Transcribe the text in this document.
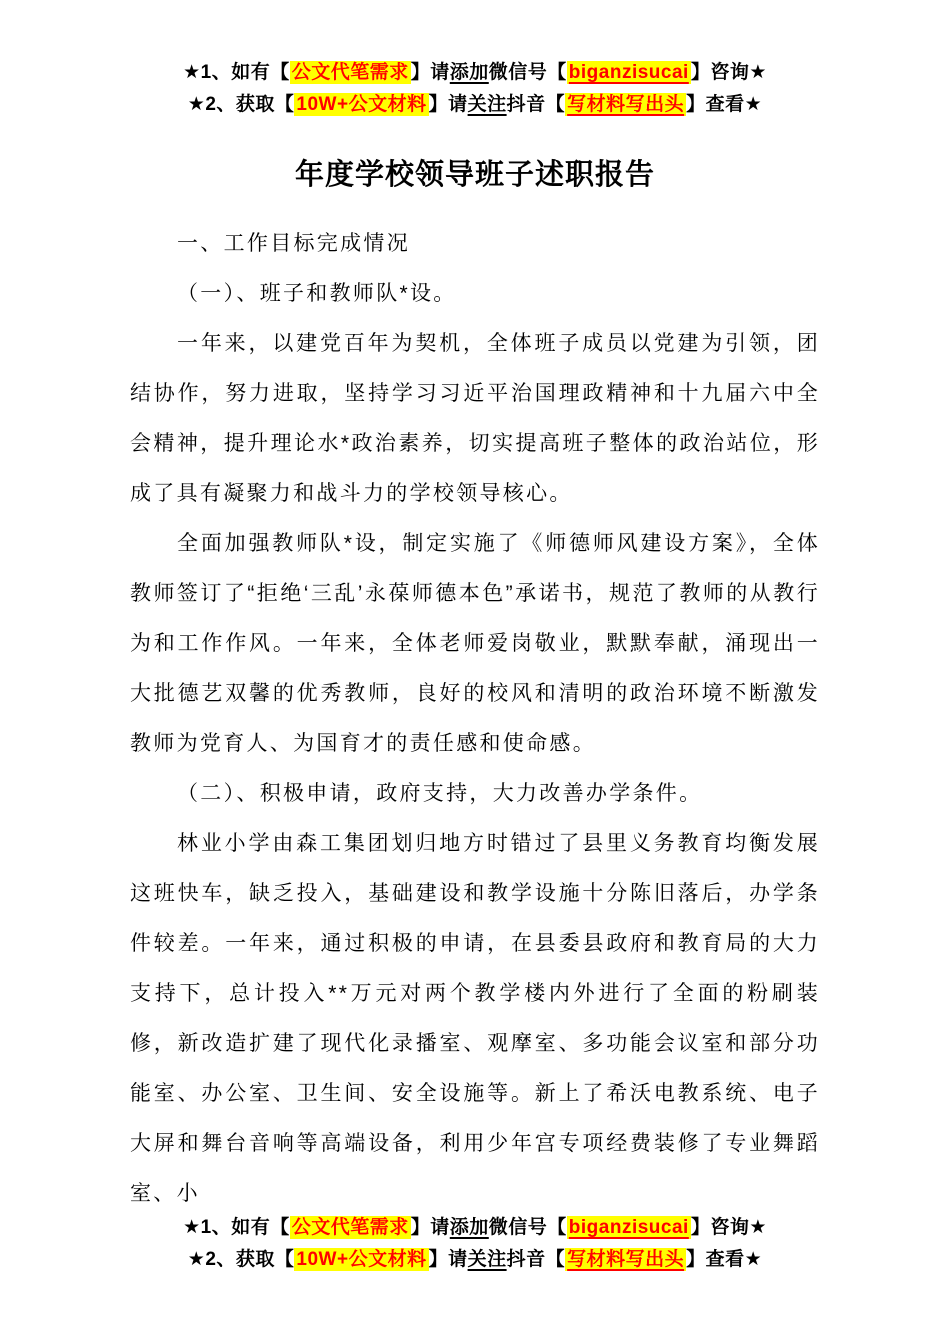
★1、如有【 公文代笔需求 】请添加微信号【 biganzisucai 】咨询★
★2、获取【 10W+公文材料 】请关注抖音【 写材料写出头 】查看★
年度学校领导班子述职报告

一、工作目标完成情况

（一）、班子和教师队*设。

一年来，以建党百年为契机，全体班子成员以党建为引领，团结协作，努力进取，坚持学习习近平治国理政精神和十九届六中全会精神，提升理论水*政治素养，切实提高班子整体的政治站位，形成了具有凝聚力和战斗力的学校领导核心。

全面加强教师队*设，制定实施了《师德师风建设方案》，全体教师签订了“拒绝‘三乱’永葆师德本色”承诺书，规范了教师的从教行为和工作作风。一年来，全体老师爱岗敬业，默默奉献，涌现出一大批德艺双馨的优秀教师，良好的校风和清明的政治环境不断激发教师为党育人、为国育才的责任感和使命感。

（二）、积极申请，政府支持，大力改善办学条件。

林业小学由森工集团划归地方时错过了县里义务教育均衡发展这班快车，缺乏投入，基础建设和教学设施十分陈旧落后，办学条件较差。一年来，通过积极的申请，在县委县政府和教育局的大力支持下，总计投入**万元对两个教学楼内外进行了全面的粉刷装修，新改造扩建了现代化录播室、观摩室、多功能会议室和部分功能室、办公室、卫生间、安全设施等。新上了希沃电教系统、电子大屏和舞台音响等高端设备，利用少年宫专项经费装修了专业舞蹈室、小

★1、如有【 公文代笔需求 】请添加微信号【 biganzisucai 】咨询★
★2、获取【 10W+公文材料 】请关注抖音【 写材料写出头 】查看★
